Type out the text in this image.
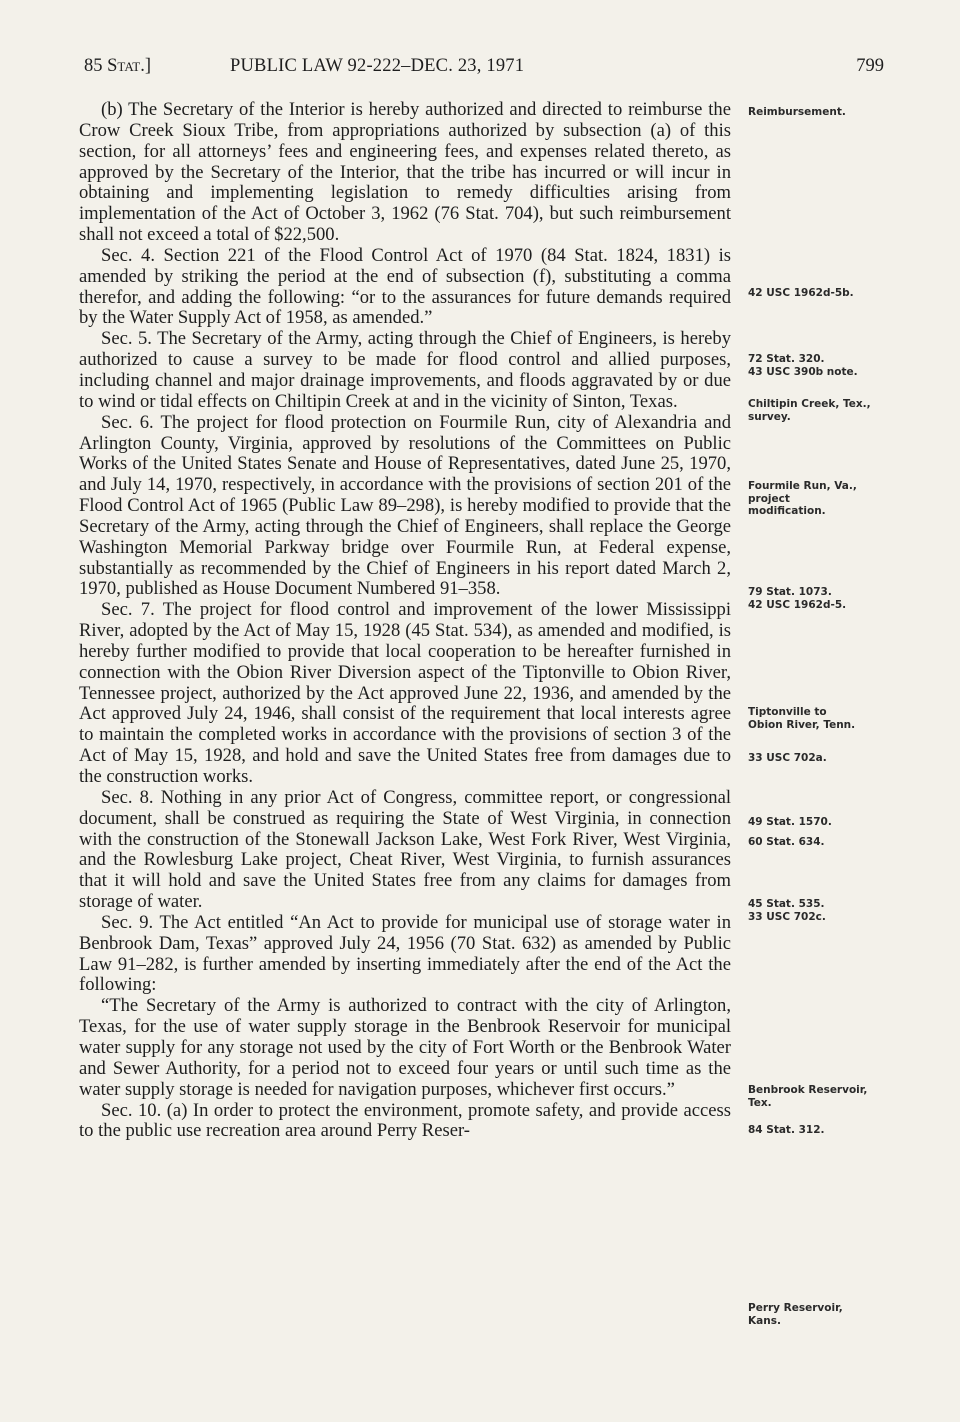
85 Stat.]	PUBLIC LAW 92-222–DEC. 23, 1971	799

(b) The Secretary of the Interior is hereby authorized and directed to reimburse the Crow Creek Sioux Tribe, from appropriations authorized by subsection (a) of this section, for all attorneys’ fees and engineering fees, and expenses related thereto, as approved by the Secretary of the Interior, that the tribe has incurred or will incur in obtaining and implementing legislation to remedy difficulties arising from implementation of the Act of October 3, 1962 (76 Stat. 704), but such reimbursement shall not exceed a total of $22,500.

Sec. 4. Section 221 of the Flood Control Act of 1970 (84 Stat. 1824, 1831) is amended by striking the period at the end of subsection (f), substituting a comma therefor, and adding the following: “or to the assurances for future demands required by the Water Supply Act of 1958, as amended.”

Sec. 5. The Secretary of the Army, acting through the Chief of Engineers, is hereby authorized to cause a survey to be made for flood control and allied purposes, including channel and major drainage improvements, and floods aggravated by or due to wind or tidal effects on Chiltipin Creek at and in the vicinity of Sinton, Texas.

Sec. 6. The project for flood protection on Fourmile Run, city of Alexandria and Arlington County, Virginia, approved by resolutions of the Committees on Public Works of the United States Senate and House of Representatives, dated June 25, 1970, and July 14, 1970, respectively, in accordance with the provisions of section 201 of the Flood Control Act of 1965 (Public Law 89–298), is hereby modified to provide that the Secretary of the Army, acting through the Chief of Engineers, shall replace the George Washington Memorial Parkway bridge over Fourmile Run, at Federal expense, substantially as recommended by the Chief of Engineers in his report dated March 2, 1970, published as House Document Numbered 91–358.

Sec. 7. The project for flood control and improvement of the lower Mississippi River, adopted by the Act of May 15, 1928 (45 Stat. 534), as amended and modified, is hereby further modified to provide that local cooperation to be hereafter furnished in connection with the Obion River Diversion aspect of the Tiptonville to Obion River, Tennessee project, authorized by the Act approved June 22, 1936, and amended by the Act approved July 24, 1946, shall consist of the requirement that local interests agree to maintain the completed works in accordance with the provisions of section 3 of the Act of May 15, 1928, and hold and save the United States free from damages due to the construction works.

Sec. 8. Nothing in any prior Act of Congress, committee report, or congressional document, shall be construed as requiring the State of West Virginia, in connection with the construction of the Stonewall Jackson Lake, West Fork River, West Virginia, and the Rowlesburg Lake project, Cheat River, West Virginia, to furnish assurances that it will hold and save the United States free from any claims for damages from storage of water.

Sec. 9. The Act entitled “An Act to provide for municipal use of storage water in Benbrook Dam, Texas” approved July 24, 1956 (70 Stat. 632) as amended by Public Law 91–282, is further amended by inserting immediately after the end of the Act the following:

“The Secretary of the Army is authorized to contract with the city of Arlington, Texas, for the use of water supply storage in the Benbrook Reservoir for municipal water supply for any storage not used by the city of Fort Worth or the Benbrook Water and Sewer Authority, for a period not to exceed four years or until such time as the water supply storage is needed for navigation purposes, whichever first occurs.”

Sec. 10. (a) In order to protect the environment, promote safety, and provide access to the public use recreation area around Perry Reser-

Reimbursement.
42 USC 1962d-5b.
72 Stat. 320.
43 USC 390b note.
Chiltipin Creek, Tex., survey.
Fourmile Run, Va., project modification.
79 Stat. 1073.
42 USC 1962d-5.
Tiptonville to Obion River, Tenn.
33 USC 702a.
49 Stat. 1570.
60 Stat. 634.
45 Stat. 535.
33 USC 702c.
Benbrook Reservoir, Tex.
84 Stat. 312.
Perry Reservoir, Kans.
